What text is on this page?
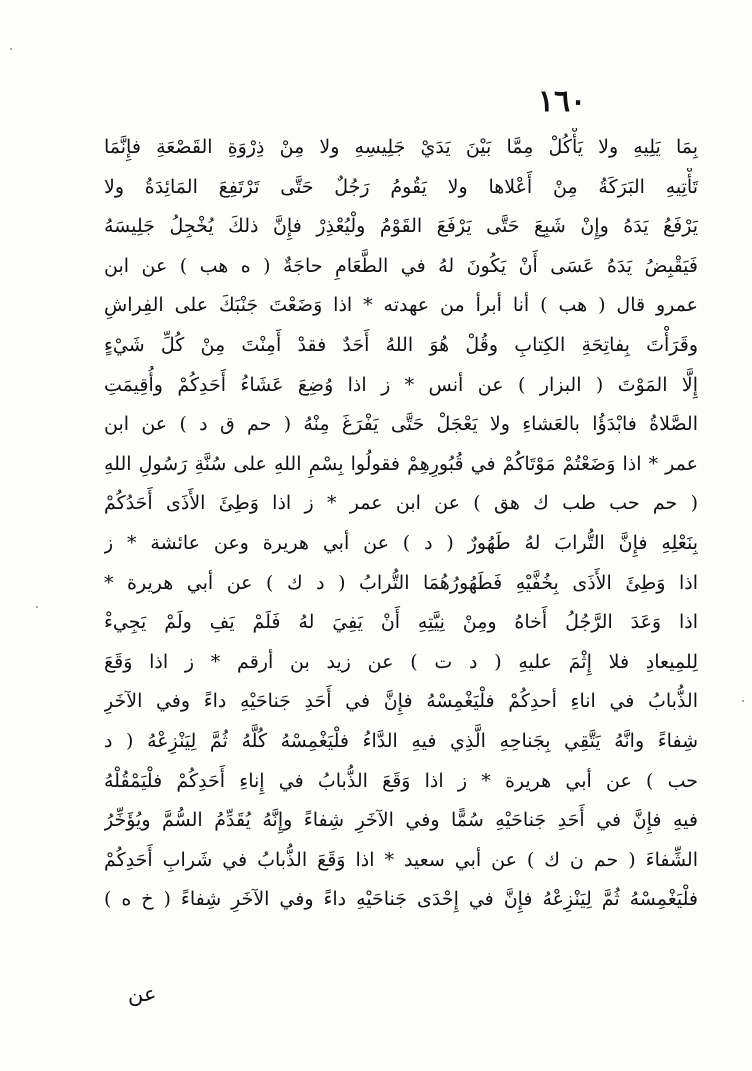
١٦٠
بِمَا يَلِيهِ ولا يَأْكُلْ مِمَّا بَيْنَ يَدَيْ جَلِيسِهِ ولا مِنْ ذِرْوَةِ القَصْعَةِ فإِنَّمَا
تَأْتِيهِ البَرَكَةُ مِنْ أَعْلاها ولا يَقُومُ رَجُلٌ حَتَّى تَرْتَفِعَ المَائِدَةُ ولا
يَرْفَعُ يَدَهُ وإِنْ شَبِعَ حَتَّى يَرْفَعَ القَوْمُ ولْيُعْذِرْ فإِنَّ ذلكَ يُخْجِلُ جَلِيسَهُ
فَيَقْبِضُ يَدَهُ عَسَى أَنْ يَكُونَ لهُ في الطَّعَامِ حاجَةٌ ( ه هب ) عن ابن
عمرو قال ( هب ) أنا أبرأ من عهدته * اذا وَضَعْتَ جَنْبَكَ على الفِراشِ
وقَرَأْتَ بِفاتِحَةِ الكِتابِ وقُلْ هُوَ اللهُ أَحَدٌ فقدْ أَمِنْتَ مِنْ كُلِّ شَيْءٍ
إِلَّا المَوْتَ ( البزار ) عن أنس * ز اذا وُضِعَ عَشَاءُ أَحَدِكُمْ وأُقِيمَتِ
الصَّلاةُ فابْدَؤُا بالعَشاءِ ولا يَعْجَلْ حَتَّى يَفْرَغَ مِنْهُ ( حم ق د ) عن ابن
عمر * اذا وَضَعْتُمْ مَوْتَاكُمْ في قُبُورِهِمْ فقولُوا بِسْمِ اللهِ على سُنَّةِ رَسُولِ اللهِ
( حم حب طب ك هق ) عن ابن عمر * ز اذا وَطِئَ الأَذَى أَحَدُكُمْ
بِنَعْلِهِ فإِنَّ التُّرابَ لهُ طَهُورٌ ( د ) عن أبي هريرة وعن عائشة * ز
اذا وَطِئَ الأَذَى بِخُفَّيْهِ فَطَهُورُهُمَا التُّرابُ ( د ك ) عن أبي هريرة *
اذا وَعَدَ الرَّجُلُ أَخاهُ ومِنْ نِيَّتِهِ أَنْ يَفِيَ لهُ فَلَمْ يَفِ ولَمْ يَجِيءْ
لِلمِيعادِ فلا إِثْمَ عليهِ ( د ت ) عن زيد بن أرقم * ز اذا وَقَعَ
الذُّبابُ في اناءِ أحدِكُمْ فلْيَغْمِسْهُ فإِنَّ في أَحَدِ جَناحَيْهِ داءً وفي الآخَرِ
شِفاءً وانَّهُ يَتَّقِي بِجَناحِهِ الَّذِي فيهِ الدَّاءُ فلْيَغْمِسْهُ كُلَّهُ ثُمَّ لِيَنْزِعْهُ ( د
حب ) عن أبي هريرة * ز اذا وَقَعَ الذُّبابُ في إِناءِ أَحَدِكُمْ فلْيَمْقُلْهُ
فيهِ فإِنَّ في أَحَدِ جَناحَيْهِ سُمًّا وفي الآخَرِ شِفاءً وإِنَّهُ يُقَدِّمُ السُّمَّ ويُؤَخِّرُ
الشِّفاءَ ( حم ن ك ) عن أبي سعيد * اذا وَقَعَ الذُّبابُ في شَرابِ أَحَدِكُمْ
فلْيَغْمِسْهُ ثُمَّ لِيَنْزِعْهُ فإِنَّ في إِحْدَى جَناحَيْهِ داءً وفي الآخَرِ شِفاءً ( خ ه )
عن
